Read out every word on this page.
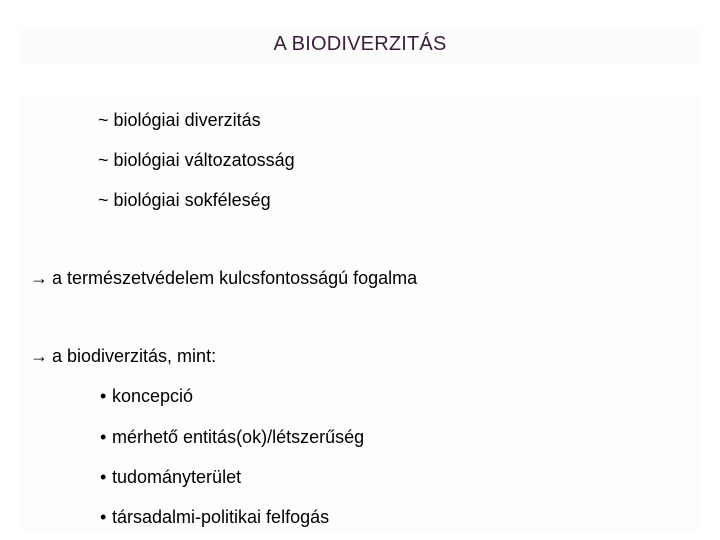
A BIODIVERZITÁS
~ biológiai diverzitás
~ biológiai változatosság
~ biológiai sokféleség
→ a természetvédelem kulcsfontosságú fogalma
→ a biodiverzitás, mint:
• koncepció
• mérhető entitás(ok)/létszerűség
• tudományterület
• társadalmi-politikai felfogás
